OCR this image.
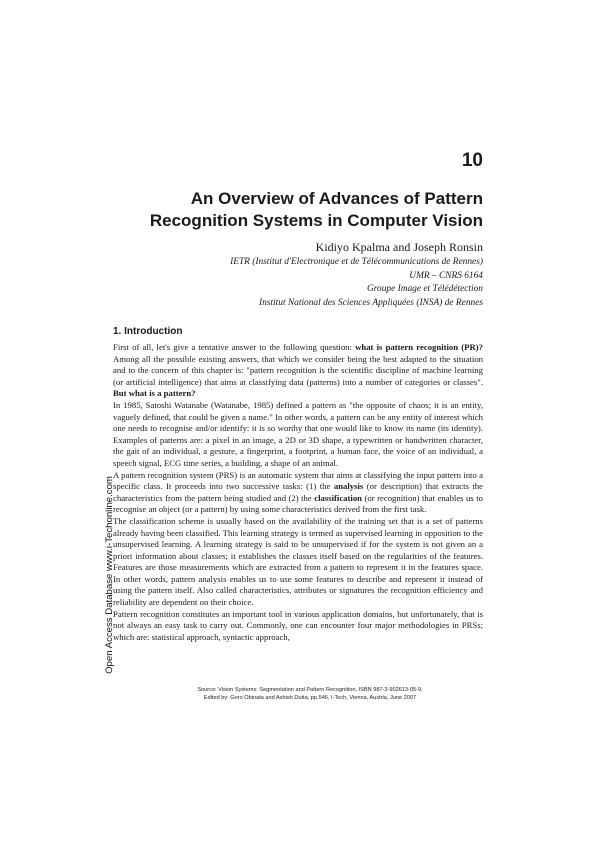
10
An Overview of Advances of Pattern
Recognition Systems in Computer Vision
Kidiyo Kpalma and Joseph Ronsin
IETR (Institut d'Electronique et de Télécommunications de Rennes)
UMR – CNRS 6164
Groupe Image et Télédétection
Institut National des Sciences Appliquées (INSA) de Rennes
Open Access Database www.i-Techonline.com
1. Introduction

First of all, let's give a tentative answer to the following question: what is pattern recognition (PR)? Among all the possible existing answers, that which we consider being the best adapted to the situation and to the concern of this chapter is: "pattern recognition is the scientific discipline of machine learning (or artificial intelligence) that aims at classifying data (patterns) into a number of categories or classes". But what is a pattern?

In 1985, Satoshi Watanabe (Watanabe, 1985) defined a pattern as "the opposite of chaos; it is an entity, vaguely defined, that could be given a name." In other words, a pattern can be any entity of interest which one needs to recognise and/or identify: it is so worthy that one would like to know its name (its identity). Examples of patterns are: a pixel in an image, a 2D or 3D shape, a typewritten or handwritten character, the gait of an individual, a gesture, a fingerprint, a footprint, a human face, the voice of an individual, a speech signal, ECG time series, a building, a shape of an animal.

A pattern recognition system (PRS) is an automatic system that aims at classifying the input pattern into a specific class. It proceeds into two successive tasks: (1) the analysis (or description) that extracts the characteristics from the pattern being studied and (2) the classification (or recognition) that enables us to recognise an object (or a pattern) by using some characteristics derived from the first task.

The classification scheme is usually based on the availability of the training set that is a set of patterns already having been classified. This learning strategy is termed as supervised learning in opposition to the unsupervised learning. A learning strategy is said to be unsupervised if for the system is not given an a priori information about classes; it establishes the classes itself based on the regularities of the features. Features are those measurements which are extracted from a pattern to represent it in the features space. In other words, pattern analysis enables us to use some features to describe and represent it instead of using the pattern itself. Also called characteristics, attributes or signatures the recognition efficiency and reliability are dependent on their choice.

Pattern recognition constitutes an important tool in various application domains, but unfortunately, that is not always an easy task to carry out. Commonly, one can encounter four major methodologies in PRSs; which are: statistical approach, syntactic approach,

Source: Vision Systems: Segmentation and Pattern Recognition, ISBN 987-3-902613-05-9,
Edited by: Goro Obinata and Ashish Dutta, pp.546, I-Tech, Vienna, Austria, June 2007
